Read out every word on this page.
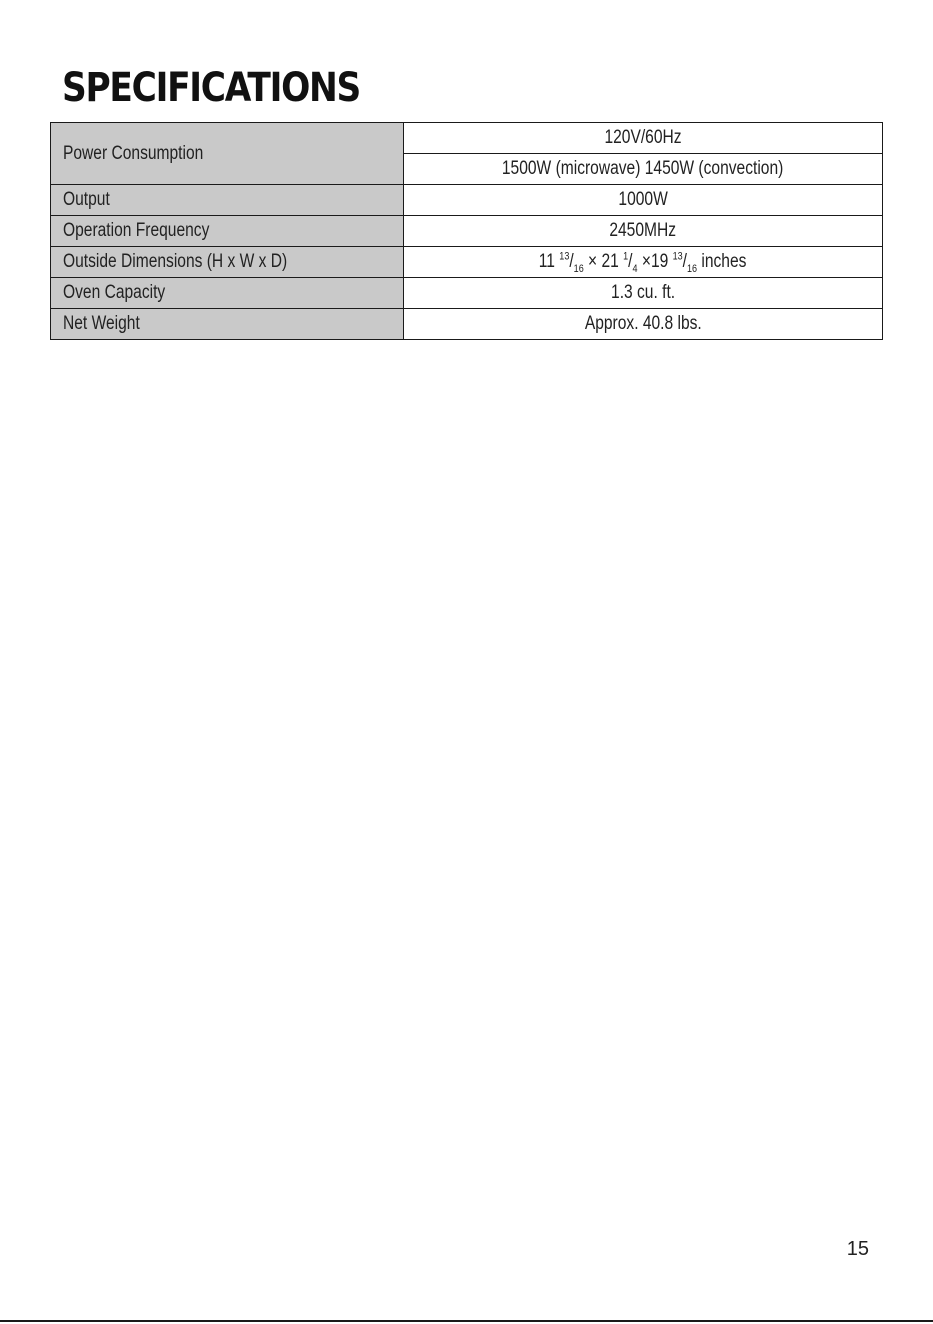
SPECIFICATIONS
Power Consumption	120V/60Hz
	1500W (microwave) 1450W (convection)
Output	1000W
Operation Frequency	2450MHz
Outside Dimensions (H x W x D)	11 $^{13}/_{16} \times 21$ $^1/_4 \times 19$ $^{13}/_{16}$ inches
Oven Capacity	1.3 cu. ft.
Net Weight	Approx. 40.8 lbs.
15
